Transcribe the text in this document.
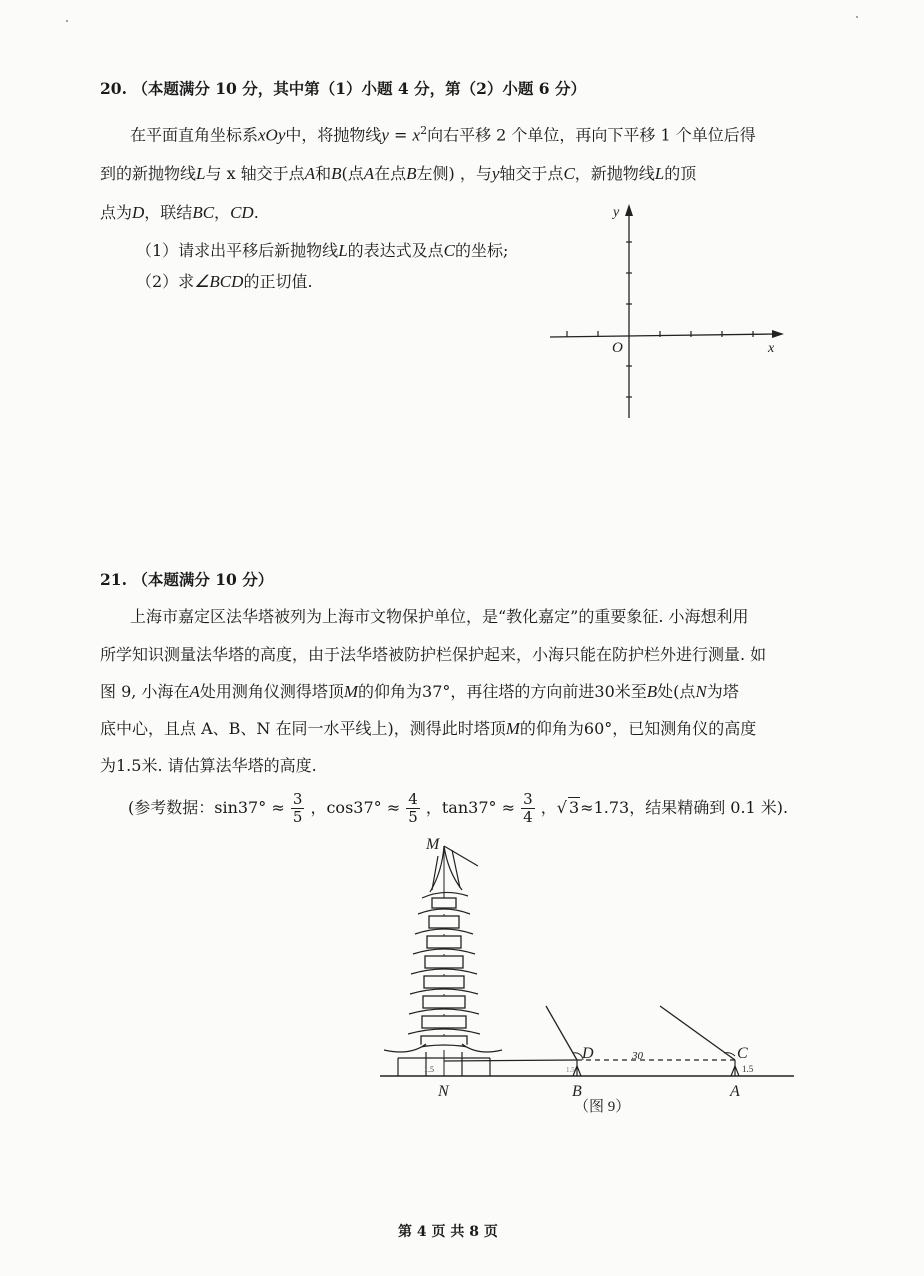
20. （本题满分 10 分，其中第（1）小题 4 分，第（2）小题 6 分）
在平面直角坐标系xOy中，将抛物线$y = x^2$向右平移 2 个单位，再向下平移 1 个单位后得
到的新抛物线L与 x 轴交于点A和B(点A在点B左侧) ，与y轴交于点C，新抛物线L的顶
点为D，联结BC，CD.
（1）请求出平移后新抛物线L的表达式及点C的坐标;
（2）求∠BCD的正切值.
y
x
O
21. （本题满分 10 分）
上海市嘉定区法华塔被列为上海市文物保护单位，是“教化嘉定”的重要象征. 小海想利用
所学知识测量法华塔的高度，由于法华塔被防护栏保护起来，小海只能在防护栏外进行测量. 如
图 9, 小海在A处用测角仪测得塔顶M的仰角为37°，再往塔的方向前进30米至B处(点N为塔
底中心，且点 A、B、N 在同一水平线上)，测得此时塔顶M的仰角为60°，已知测角仪的高度
为1.5米. 请估算法华塔的高度.
(参考数据：$\sin 37^\circ \approx \frac{3}{5}$ ，$\cos 37^\circ \approx \frac{4}{5}$ ，$\tan 37^\circ \approx \frac{3}{4}$ ，√ 3≈1.73，结果精确到 0.1 米).
M
N	B	A
D	C
30
1.5	1.5	1.5
（图 9）
第 4 页 共 8 页
